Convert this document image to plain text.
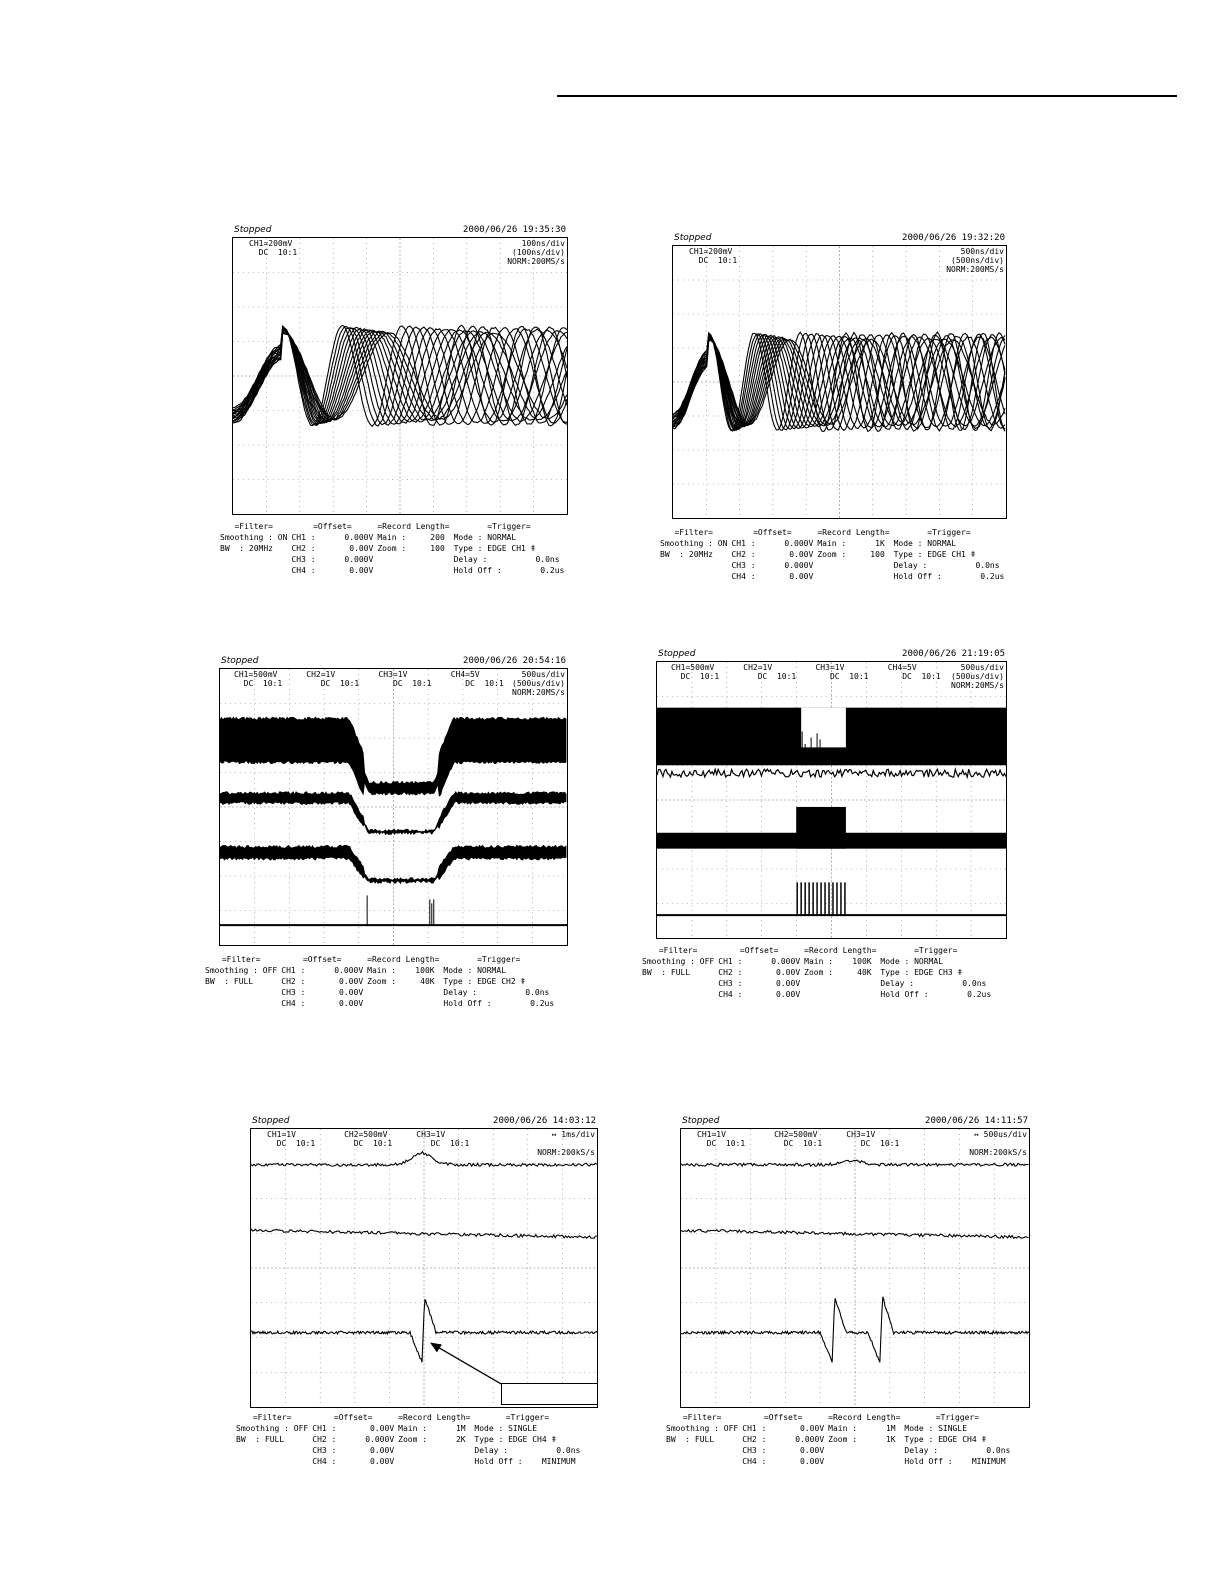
Stopped	2000/06/26 19:35:30
CH1=200mV
DC  10:1
100ns/div
(100ns/div)
NORM:200MS/s
=Filter=	=Offset=	=Record Length=	=Trigger=
Smoothing : ON	CH1 :      0.000V	Main :     200	Mode : NORMAL
BW  : 20MHz	CH2 :       0.00V	Zoom :     100	Type : EDGE CH1 ǂ
	CH3 :      0.000V		Delay :          0.0ns
	CH4 :       0.00V		Hold Off :        0.2us
Stopped	2000/06/26 19:32:20
CH1=200mV
DC  10:1
500ns/div
(500ns/div)
NORM:200MS/s
=Filter=	=Offset=	=Record Length=	=Trigger=
Smoothing : ON	CH1 :      0.000V	Main :      1K	Mode : NORMAL
BW  : 20MHz	CH2 :       0.00V	Zoom :     100	Type : EDGE CH1 ǂ
	CH3 :      0.000V		Delay :          0.0ns
	CH4 :       0.00V		Hold Off :        0.2us
Stopped	2000/06/26 20:54:16
CH1=500mV      CH2=1V         CH3=1V         CH4=5V
DC  10:1        DC  10:1       DC  10:1       DC  10:1
500us/div
(500us/div)
NORM:20MS/s
=Filter=	=Offset=	=Record Length=	=Trigger=
Smoothing : OFF	CH1 :      0.000V	Main :    100K	Mode : NORMAL
BW  : FULL	CH2 :       0.00V	Zoom :     40K	Type : EDGE CH2 ǂ
	CH3 :       0.00V		Delay :          0.0ns
	CH4 :       0.00V		Hold Off :        0.2us
Stopped	2000/06/26 21:19:05
CH1=500mV      CH2=1V         CH3=1V         CH4=5V
DC  10:1        DC  10:1       DC  10:1       DC  10:1
500us/div
(500us/div)
NORM:20MS/s
=Filter=	=Offset=	=Record Length=	=Trigger=
Smoothing : OFF	CH1 :      0.000V	Main :    100K	Mode : NORMAL
BW  : FULL	CH2 :       0.00V	Zoom :     40K	Type : EDGE CH3 ǂ
	CH3 :       0.00V		Delay :          0.0ns
	CH4 :       0.00V		Hold Off :        0.2us
Stopped	2000/06/26 14:03:12
CH1=1V          CH2=500mV      CH3=1V
DC  10:1        DC  10:1        DC  10:1
↔ 1ms/div

NORM:200kS/s
=Filter=	=Offset=	=Record Length=	=Trigger=
Smoothing : OFF	CH1 :       0.00V	Main :      1M	Mode : SINGLE
BW  : FULL	CH2 :      0.000V	Zoom :      2K	Type : EDGE CH4 ǂ
	CH3 :       0.00V		Delay :          0.0ns
	CH4 :       0.00V		Hold Off :    MINIMUM
Stopped	2000/06/26 14:11:57
CH1=1V          CH2=500mV      CH3=1V
DC  10:1        DC  10:1        DC  10:1
↔ 500us/div

NORM:200kS/s
=Filter=	=Offset=	=Record Length=	=Trigger=
Smoothing : OFF	CH1 :       0.00V	Main :      1M	Mode : SINGLE
BW  : FULL	CH2 :      0.000V	Zoom :      1K	Type : EDGE CH4 ǂ
	CH3 :       0.00V		Delay :          0.0ns
	CH4 :       0.00V		Hold Off :    MINIMUM
